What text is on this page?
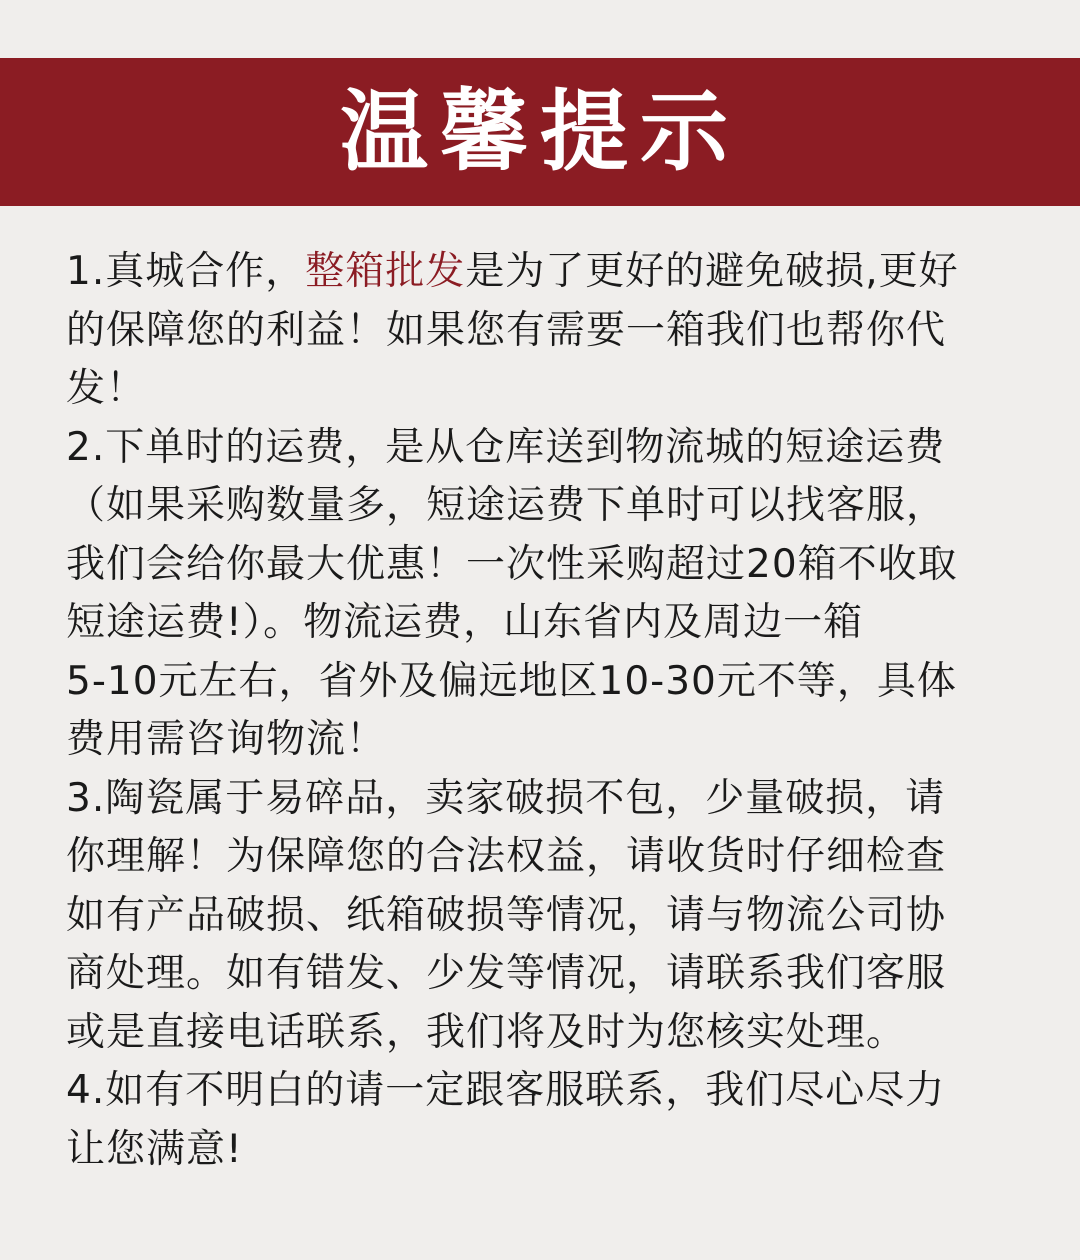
温馨提示
1.真城合作，整箱批发是为了更好的避免破损,更好
的保障您的利益！如果您有需要一箱我们也帮你代
发！
2.下单时的运费，是从仓库送到物流城的短途运费
（如果采购数量多，短途运费下单时可以找客服，
我们会给你最大优惠！一次性采购超过20箱不收取
短途运费!）。物流运费，山东省内及周边一箱
5-10元左右，省外及偏远地区10-30元不等，具体
费用需咨询物流！
3.陶瓷属于易碎品，卖家破损不包，少量破损，请
你理解！为保障您的合法权益，请收货时仔细检查
如有产品破损、纸箱破损等情况，请与物流公司协
商处理。如有错发、少发等情况，请联系我们客服
或是直接电话联系，我们将及时为您核实处理。
4.如有不明白的请一定跟客服联系，我们尽心尽力
让您满意!
